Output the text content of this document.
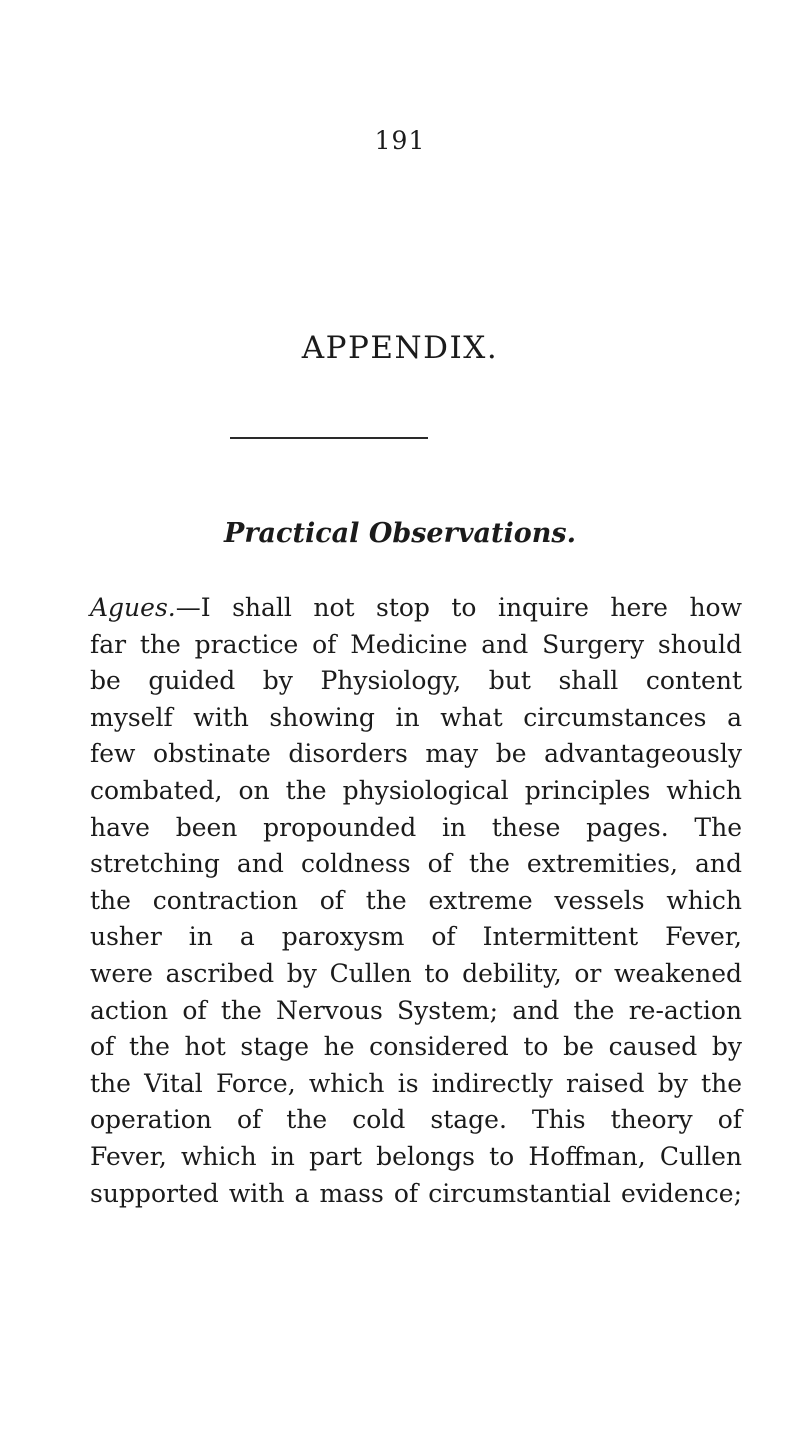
191
APPENDIX.
Practical Observations.
Agues.—I shall not stop to inquire here how
far the practice of Medicine and Surgery should
be guided by Physiology, but shall content
myself with showing in what circumstances a
few obstinate disorders may be advantageously
combated, on the physiological principles which
have been propounded in these pages. The
stretching and coldness of the extremities, and
the contraction of the extreme vessels which
usher in a paroxysm of Intermittent Fever,
were ascribed by Cullen to debility, or weakened
action of the Nervous System; and the re-action
of the hot stage he considered to be caused by
the Vital Force, which is indirectly raised by the
operation of the cold stage. This theory of
Fever, which in part belongs to Hoffman, Cullen
supported with a mass of circumstantial evidence;
